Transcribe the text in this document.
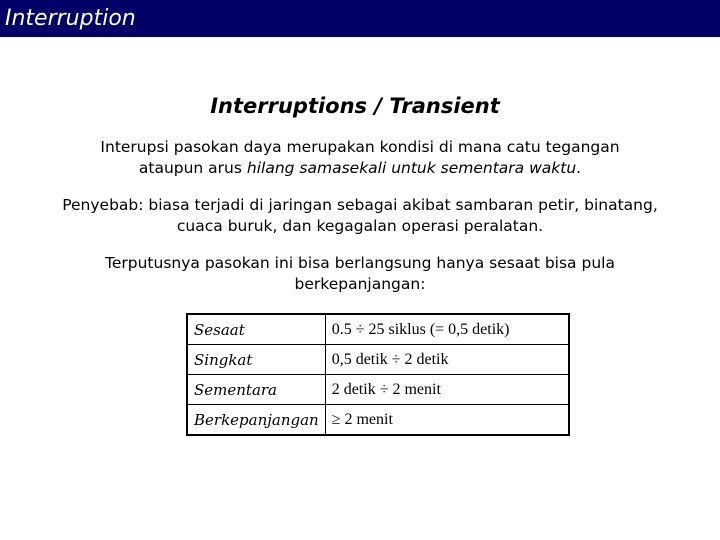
Interruption
Interruptions / Transient
Interupsi pasokan daya merupakan kondisi di mana catu tegangan
ataupun arus hilang samasekali untuk sementara waktu.
Penyebab: biasa terjadi di jaringan sebagai akibat sambaran petir, binatang, cuaca buruk, dan kegagalan operasi peralatan.
Terputusnya pasokan ini bisa berlangsung hanya sesaat bisa pula berkepanjangan:
Sesaat	0.5 ÷ 25 siklus (= 0,5 detik)
Singkat	0,5 detik ÷ 2 detik
Sementara	2 detik ÷ 2 menit
Berkepanjangan	≥ 2 menit
